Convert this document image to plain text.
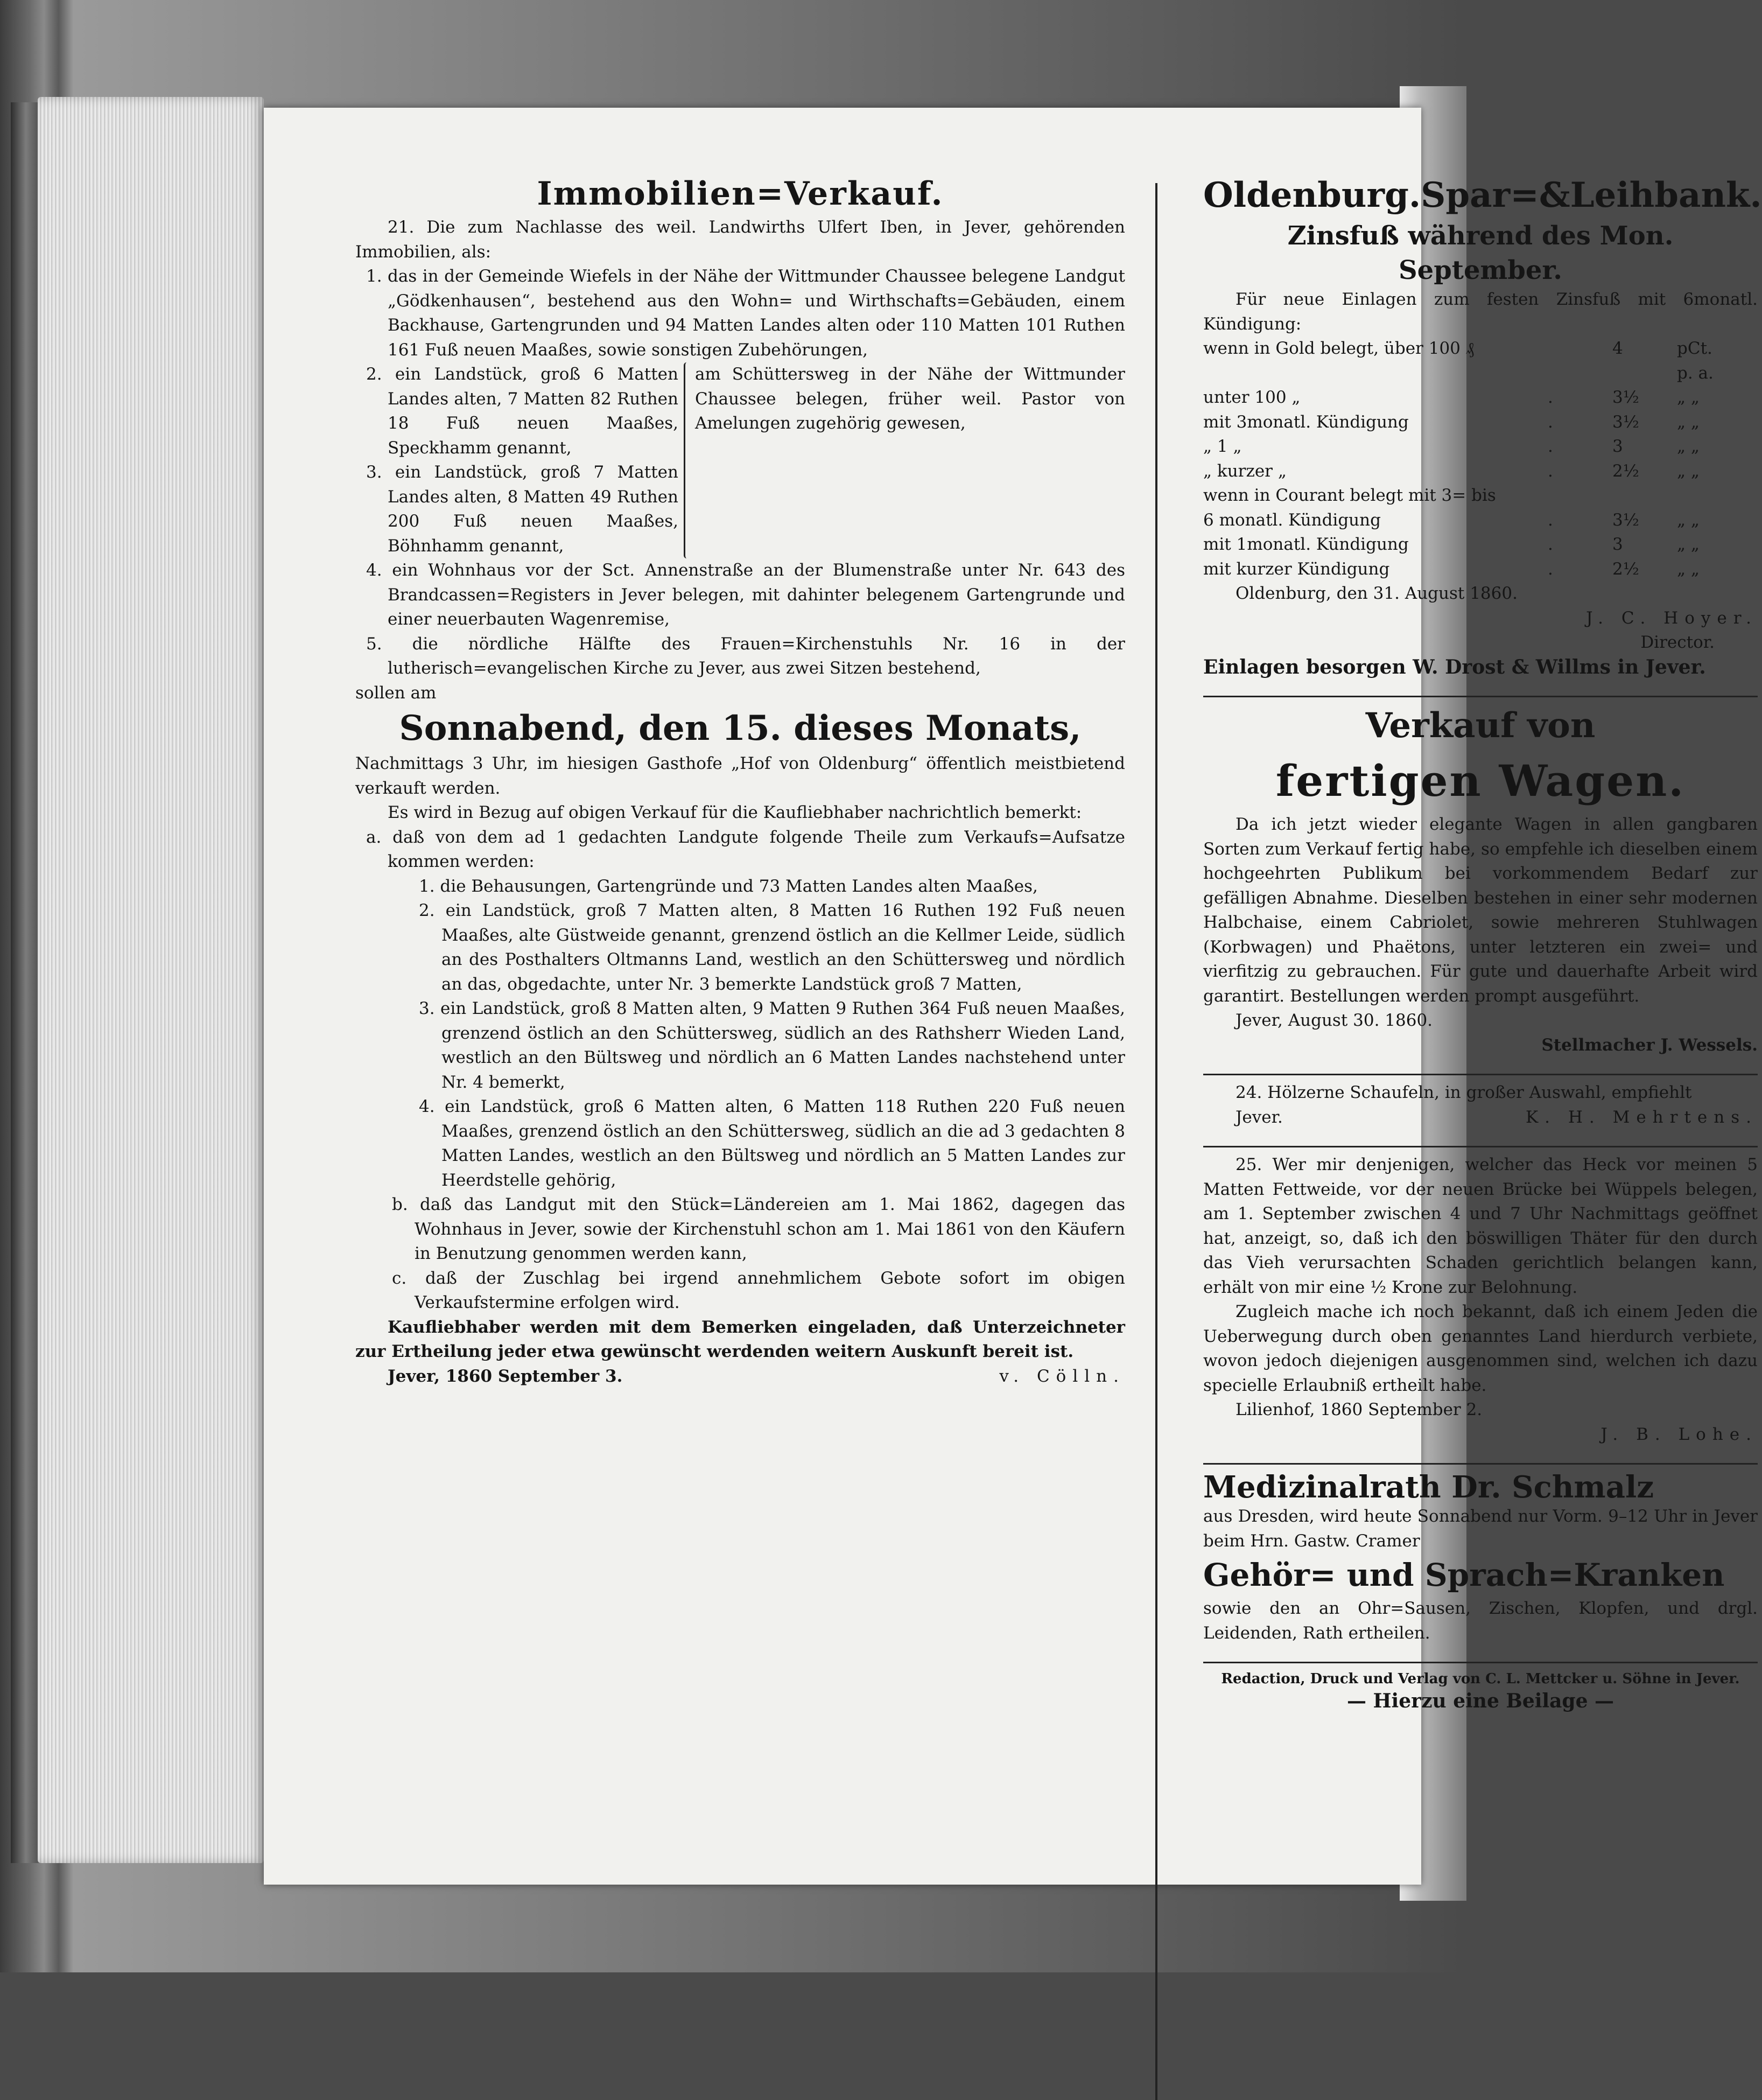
Immobilien=Verkauf.

21. Die zum Nachlasse des weil. Landwirths Ulfert Iben, in Jever, gehörenden Immobilien, als:

1. das in der Gemeinde Wiefels in der Nähe der Wittmunder Chaussee belegene Landgut „Gödkenhausen“, bestehend aus den Wohn= und Wirthschafts=Gebäuden, einem Backhause, Gartengrunden und 94 Matten Landes alten oder 110 Matten 101 Ruthen 161 Fuß neuen Maaßes, sowie sonstigen Zubehörungen,

2. ein Landstück, groß 6 Matten Landes alten, 7 Matten 82 Ruthen 18 Fuß neuen Maaßes, Speckhamm genannt,

3. ein Landstück, groß 7 Matten Landes alten, 8 Matten 49 Ruthen 200 Fuß neuen Maaßes, Böhnhamm genannt,

am Schüttersweg in der Nähe der Wittmunder Chaussee belegen, früher weil. Pastor von Amelungen zugehörig gewesen,

4. ein Wohnhaus vor der Sct. Annenstraße an der Blumenstraße unter Nr. 643 des Brandcassen=Registers in Jever belegen, mit dahinter belegenem Gartengrunde und einer neuerbauten Wagenremise,

5. die nördliche Hälfte des Frauen=Kirchenstuhls Nr. 16 in der lutherisch=evangelischen Kirche zu Jever, aus zwei Sitzen bestehend,

sollen am

Sonnabend, den 15. dieses Monats,

Nachmittags 3 Uhr, im hiesigen Gasthofe „Hof von Oldenburg“ öffentlich meistbietend verkauft werden.

Es wird in Bezug auf obigen Verkauf für die Kaufliebhaber nachrichtlich bemerkt:

a. daß von dem ad 1 gedachten Landgute folgende Theile zum Verkaufs=Aufsatze kommen werden:

1. die Behausungen, Gartengründe und 73 Matten Landes alten Maaßes,

2. ein Landstück, groß 7 Matten alten, 8 Matten 16 Ruthen 192 Fuß neuen Maaßes, alte Güstweide genannt, grenzend östlich an die Kellmer Leide, südlich an des Posthalters Oltmanns Land, westlich an den Schüttersweg und nördlich an das, obgedachte, unter Nr. 3 bemerkte Landstück groß 7 Matten,

3. ein Landstück, groß 8 Matten alten, 9 Matten 9 Ruthen 364 Fuß neuen Maaßes, grenzend östlich an den Schüttersweg, südlich an des Rathsherr Wieden Land, westlich an den Bültsweg und nördlich an 6 Matten Landes nachstehend unter Nr. 4 bemerkt,

4. ein Landstück, groß 6 Matten alten, 6 Matten 118 Ruthen 220 Fuß neuen Maaßes, grenzend östlich an den Schüttersweg, südlich an die ad 3 gedachten 8 Matten Landes, westlich an den Bültsweg und nördlich an 5 Matten Landes zur Heerdstelle gehörig,

b. daß das Landgut mit den Stück=Ländereien am 1. Mai 1862, dagegen das Wohnhaus in Jever, sowie der Kirchenstuhl schon am 1. Mai 1861 von den Käufern in Benutzung genommen werden kann,

c. daß der Zuschlag bei irgend annehmlichem Gebote sofort im obigen Verkaufstermine erfolgen wird.

Kaufliebhaber werden mit dem Bemerken eingeladen, daß Unterzeichneter zur Ertheilung jeder etwa gewünscht werdenden weitern Auskunft bereit ist.

Jever, 1860 September 3.	v. Cölln.
Oldenburg.Spar=&Leihbank.
Zinsfuß während des Mon. September.

Für neue Einlagen zum festen Zinsfuß mit 6monatl. Kündigung:

wenn in Gold belegt, über 100 ₰	4	pCt. p. a.
unter 100 „	.	3½	„ „
mit 3monatl. Kündigung	.	3½	„ „
„ 1 „	.	3	„ „
„ kurzer „	.	2½	„ „
wenn in Courant belegt mit 3= bis
6 monatl. Kündigung	.	3½	„ „
mit 1monatl. Kündigung	.	3	„ „
mit kurzer Kündigung	.	2½	„ „

Oldenburg, den 31. August 1860.

J. C. Hoyer.

Director.

Einlagen besorgen W. Drost & Willms in Jever.

Verkauf von
fertigen Wagen.

Da ich jetzt wieder elegante Wagen in allen gangbaren Sorten zum Verkauf fertig habe, so empfehle ich dieselben einem hochgeehrten Publikum bei vorkommendem Bedarf zur gefälligen Abnahme. Dieselben bestehen in einer sehr modernen Halbchaise, einem Cabriolet, sowie mehreren Stuhlwagen (Korbwagen) und Phaëtons, unter letzteren ein zwei= und vierfitzig zu gebrauchen. Für gute und dauerhafte Arbeit wird garantirt. Bestellungen werden prompt ausgeführt.

Jever, August 30. 1860.

Stellmacher J. Wessels.

24. Hölzerne Schaufeln, in großer Auswahl, empfiehlt

Jever.	K. H. Mehrtens.

25. Wer mir denjenigen, welcher das Heck vor meinen 5 Matten Fettweide, vor der neuen Brücke bei Wüppels belegen, am 1. September zwischen 4 und 7 Uhr Nachmittags geöffnet hat, anzeigt, so, daß ich den böswilligen Thäter für den durch das Vieh verursachten Schaden gerichtlich belangen kann, erhält von mir eine ½ Krone zur Belohnung.

Zugleich mache ich noch bekannt, daß ich einem Jeden die Ueberwegung durch oben genanntes Land hierdurch verbiete, wovon jedoch diejenigen ausgenommen sind, welchen ich dazu specielle Erlaubniß ertheilt habe.

Lilienhof, 1860 September 2.

J. B. Lohe.

Medizinalrath Dr. Schmalz

aus Dresden, wird heute Sonnabend nur Vorm. 9–12 Uhr in Jever beim Hrn. Gastw. Cramer

Gehör= und Sprach=Kranken

sowie den an Ohr=Sausen, Zischen, Klopfen, und drgl. Leidenden, Rath ertheilen.

Redaction, Druck und Verlag von C. L. Mettcker u. Söhne in Jever.

— Hierzu eine Beilage —
